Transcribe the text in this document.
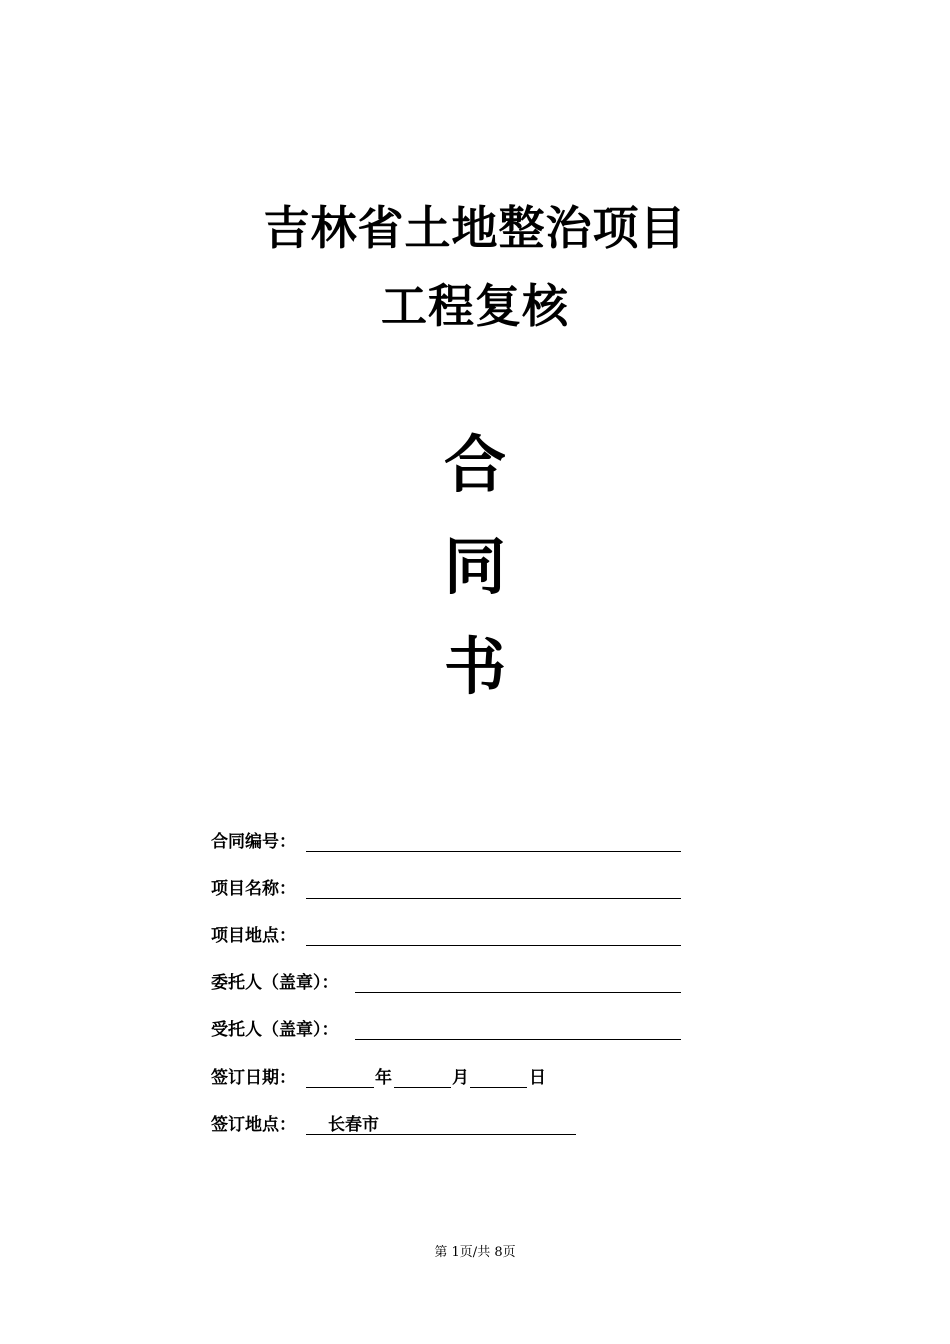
吉林省土地整治项目
工程复核
合
同
书
合同编号：
项目名称：
项目地点：
委托人（盖章）：
受托人（盖章）：
签订日期：	年	月	日
签订地点： 长春市
第 1页/共 8页
